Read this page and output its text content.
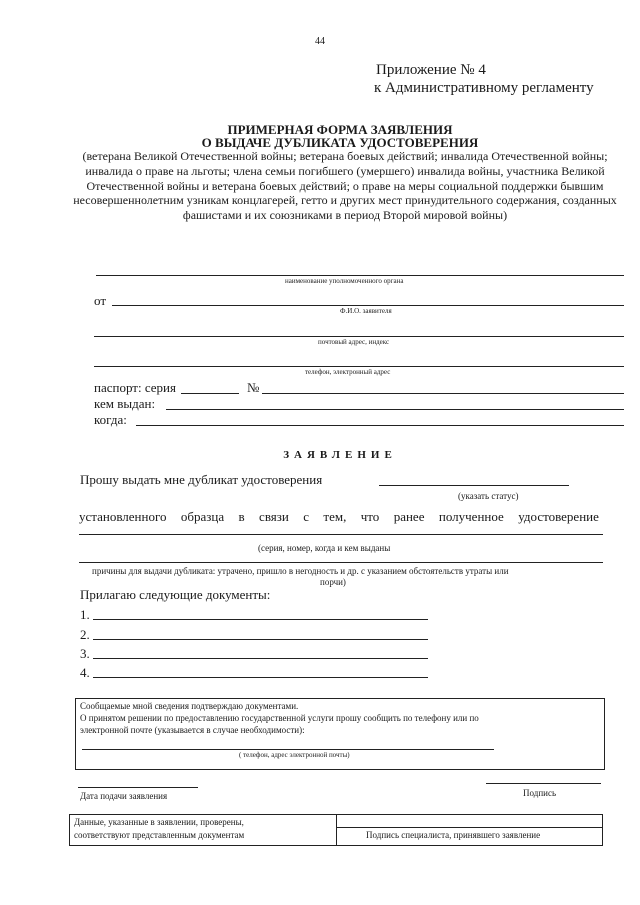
44
Приложение № 4
к Административному регламенту
ПРИМЕРНАЯ ФОРМА ЗАЯВЛЕНИЯ
О ВЫДАЧЕ ДУБЛИКАТА УДОСТОВЕРЕНИЯ
(ветерана Великой Отечественной войны; ветерана боевых действий; инвалида Отечественной войны; инвалида о праве на льготы; члена семьи погибшего (умершего) инвалида войны, участника Великой Отечественной войны и ветерана боевых действий; о праве на меры социальной поддержки бывшим несовершеннолетним узникам концлагерей, гетто и других мест принудительного содержания, созданных фашистами и их союзниками в период Второй мировой войны)
наименование уполномоченного органа
от
Ф.И.О. заявителя
почтовый адрес, индекс
телефон, электронный адрес
паспорт: серия	№
кем выдан:
когда:
ЗАЯВЛЕНИЕ
Прошу выдать мне дубликат удостоверения
(указать статус)
установленного образца в связи с тем, что ранее полученное удостоверение
(серия, номер, когда и кем выданы
причины для выдачи дубликата: утрачено, пришло в негодность и др. с указанием обстоятельств утраты или
порчи)
Прилагаю следующие документы:
1.
2.
3.
4.
Сообщаемые мной сведения подтверждаю документами.
О принятом решении по предоставлению государственной услуги прошу сообщить по телефону или по
электронной почте (указывается в случае необходимости):
( телефон, адрес электронной почты)
Дата подачи заявления	Подпись
Данные, указанные в заявлении, проверены,
соответствуют представленным документам	Подпись специалиста, принявшего заявление
